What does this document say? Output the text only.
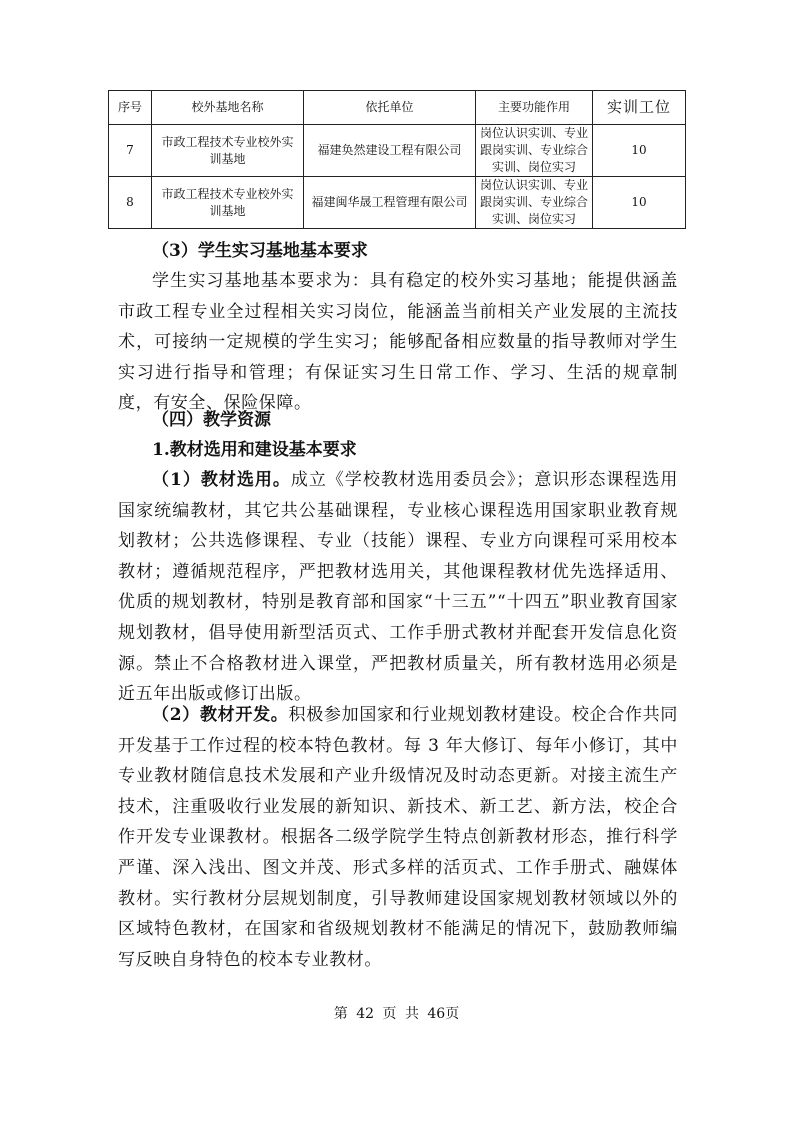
序号	校外基地名称	依托单位	主要功能作用	实训工位
7	市政工程技术专业校外实训基地	福建奂然建设工程有限公司	岗位认识实训、专业跟岗实训、专业综合实训、岗位实习	10
8	市政工程技术专业校外实训基地	福建闽华晟工程管理有限公司	岗位认识实训、专业跟岗实训、专业综合实训、岗位实习	10
（3）学生实习基地基本要求

学生实习基地基本要求为：具有稳定的校外实习基地；能提供涵盖市政工程专业全过程相关实习岗位，能涵盖当前相关产业发展的主流技术，可接纳一定规模的学生实习；能够配备相应数量的指导教师对学生实习进行指导和管理；有保证实习生日常工作、学习、生活的规章制度，有安全、保险保障。

（四）教学资源
1.教材选用和建设基本要求

（1）教材选用。成立《学校教材选用委员会》；意识形态课程选用国家统编教材，其它共公基础课程，专业核心课程选用国家职业教育规划教材；公共选修课程、专业（技能）课程、专业方向课程可采用校本教材；遵循规范程序，严把教材选用关，其他课程教材优先选择适用、优质的规划教材，特别是教育部和国家“十三五”“十四五”职业教育国家规划教材，倡导使用新型活页式、工作手册式教材并配套开发信息化资源。禁止不合格教材进入课堂，严把教材质量关，所有教材选用必须是近五年出版或修订出版。

（2）教材开发。积极参加国家和行业规划教材建设。校企合作共同开发基于工作过程的校本特色教材。每 3 年大修订、每年小修订，其中专业教材随信息技术发展和产业升级情况及时动态更新。对接主流生产技术，注重吸收行业发展的新知识、新技术、新工艺、新方法，校企合作开发专业课教材。根据各二级学院学生特点创新教材形态，推行科学严谨、深入浅出、图文并茂、形式多样的活页式、工作手册式、融媒体教材。实行教材分层规划制度，引导教师建设国家规划教材领域以外的区域特色教材，在国家和省级规划教材不能满足的情况下，鼓励教师编写反映自身特色的校本专业教材。

第 42 页 共 46页
